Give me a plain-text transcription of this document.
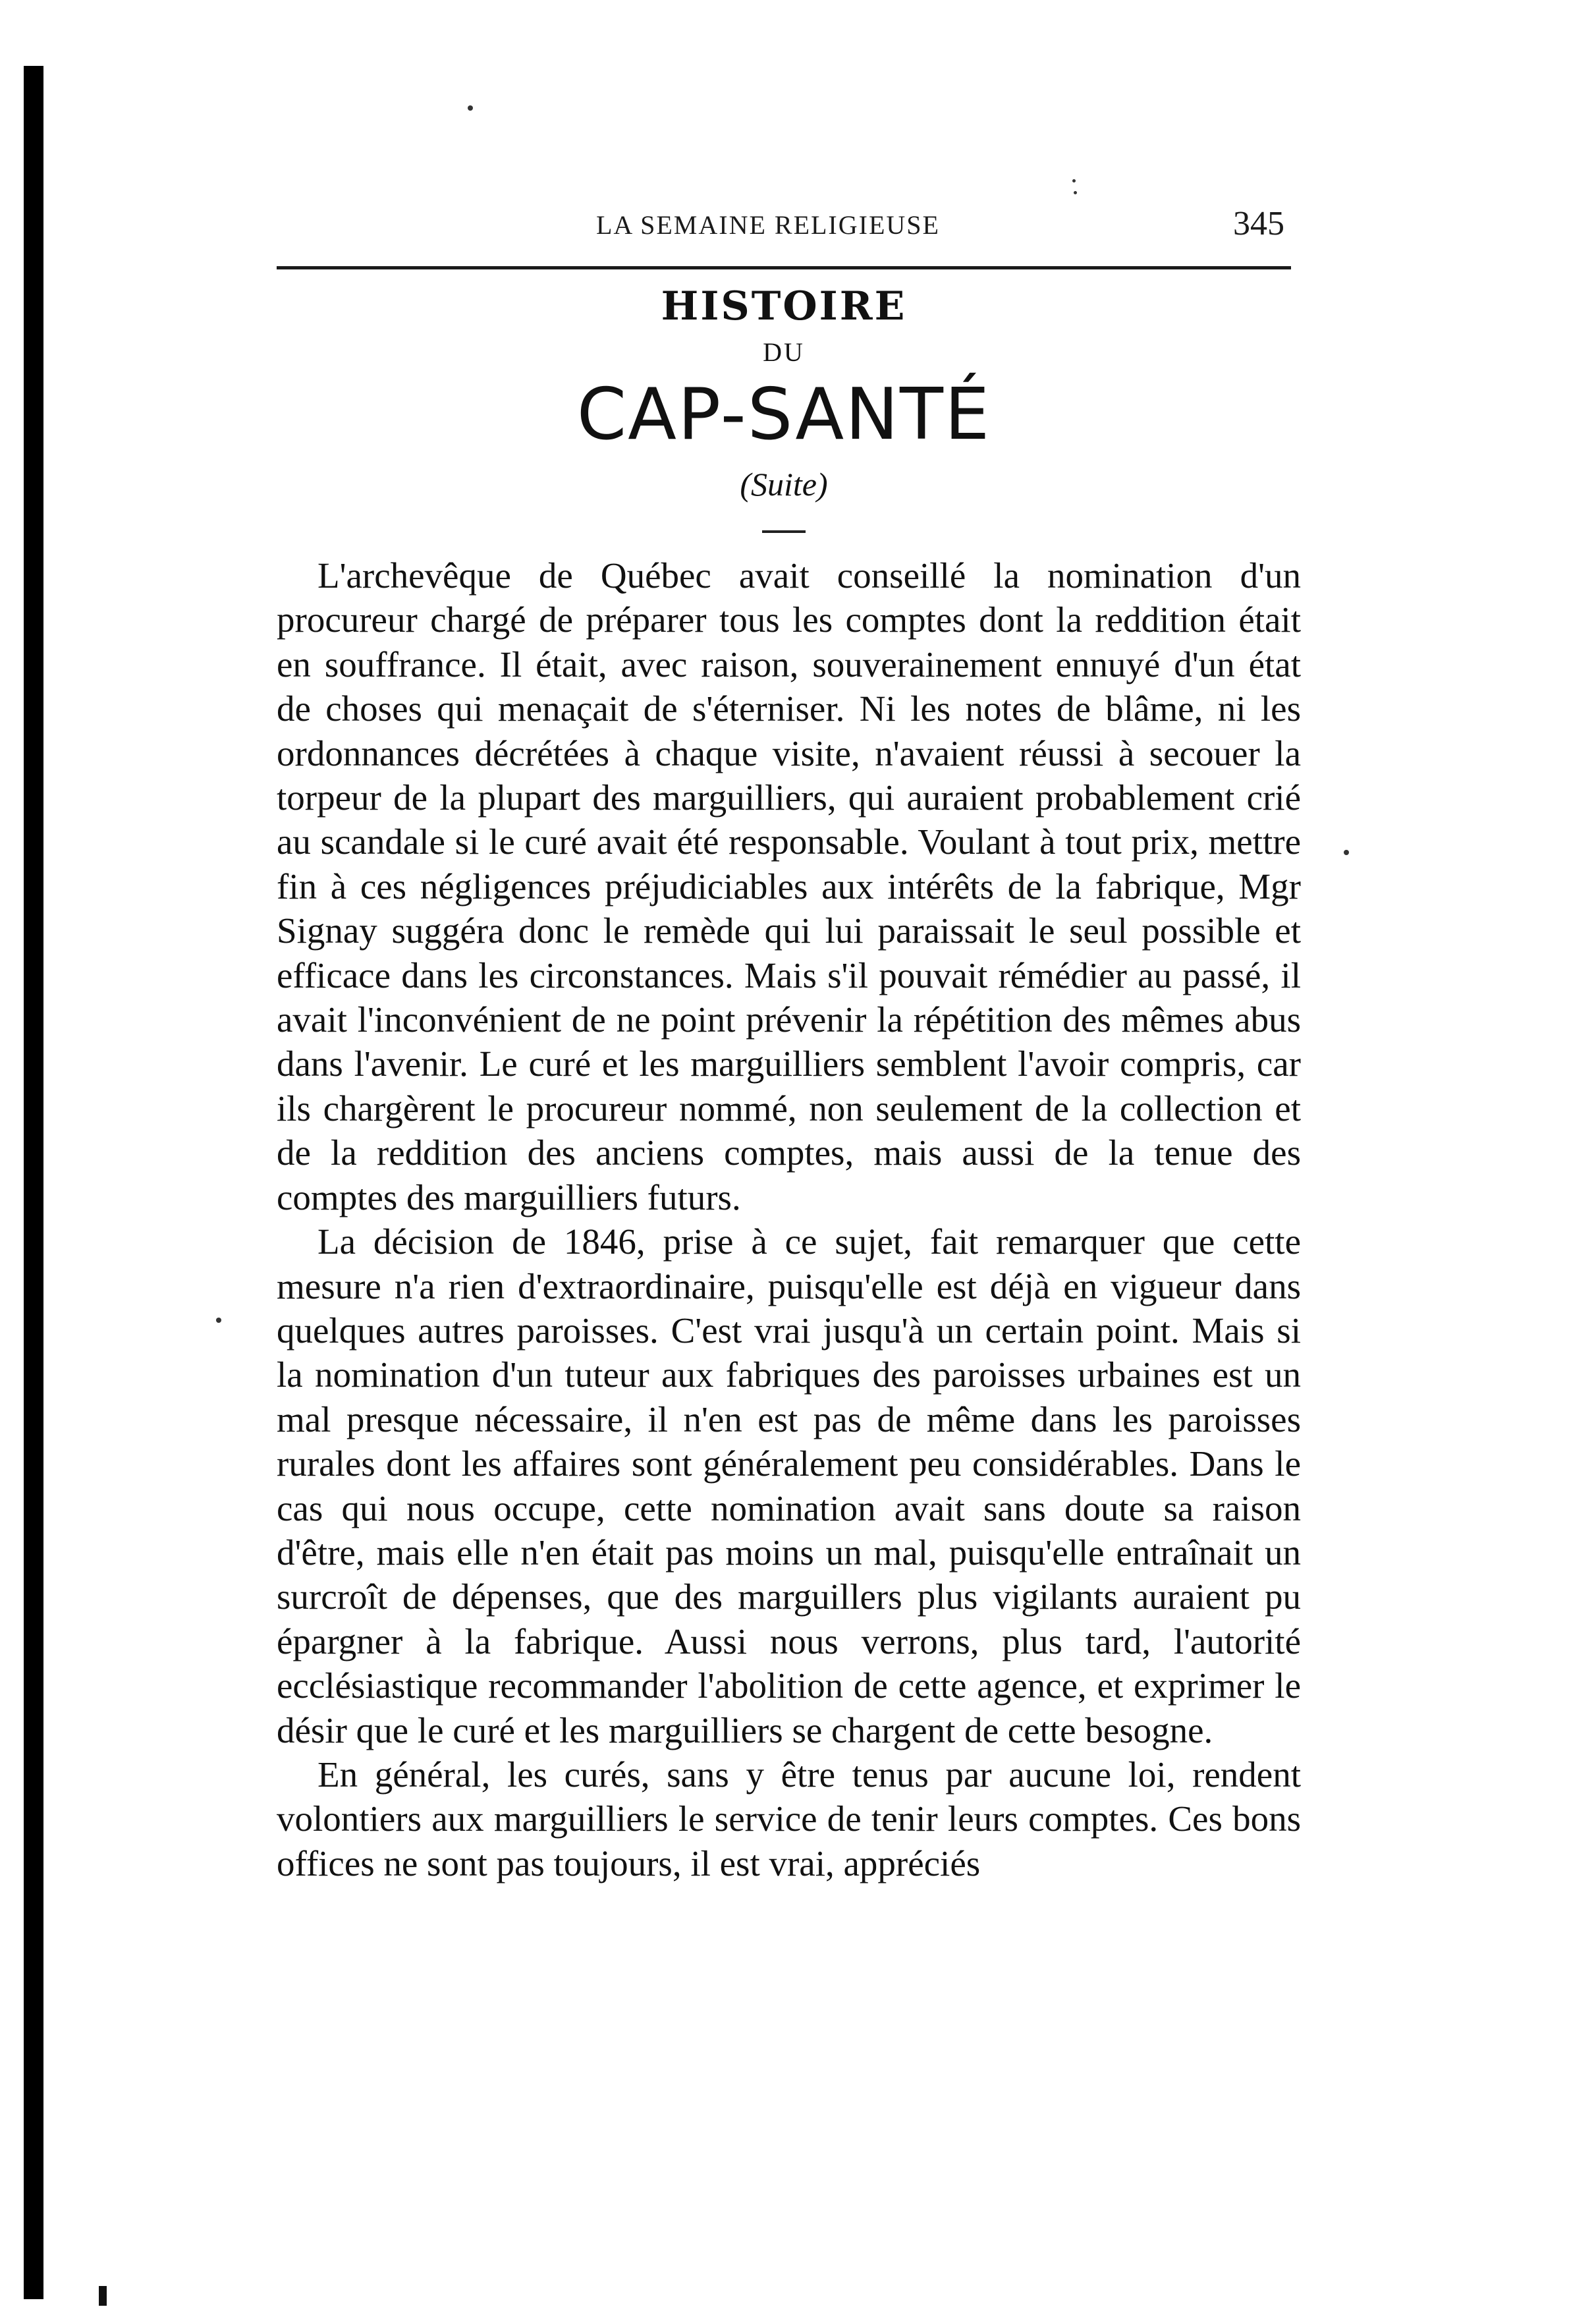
LA SEMAINE RELIGIEUSE	345
HISTOIRE
DU
CAP-SANTÉ
(Suite)

L'archevêque de Québec avait conseillé la nomination d'un procureur chargé de préparer tous les comptes dont la reddition était en souffrance. Il était, avec raison, souverainement ennuyé d'un état de choses qui menaçait de s'éterniser. Ni les notes de blâme, ni les ordonnances décrétées à chaque visite, n'avaient réussi à secouer la torpeur de la plupart des marguilliers, qui auraient probablement crié au scandale si le curé avait été responsable. Voulant à tout prix, mettre fin à ces négligences préjudiciables aux intérêts de la fabrique, Mgr Signay suggéra donc le remède qui lui paraissait le seul possible et efficace dans les circonstances. Mais s'il pouvait rémédier au passé, il avait l'inconvénient de ne point prévenir la répétition des mêmes abus dans l'avenir. Le curé et les marguilliers semblent l'avoir compris, car ils chargèrent le procureur nommé, non seulement de la collection et de la reddition des anciens comptes, mais aussi de la tenue des comptes des marguilliers futurs.

La décision de 1846, prise à ce sujet, fait remarquer que cette mesure n'a rien d'extraordinaire, puisqu'elle est déjà en vigueur dans quelques autres paroisses. C'est vrai jusqu'à un certain point. Mais si la nomination d'un tuteur aux fabriques des paroisses urbaines est un mal presque nécessaire, il n'en est pas de même dans les paroisses rurales dont les affaires sont généralement peu considérables. Dans le cas qui nous occupe, cette nomination avait sans doute sa raison d'être, mais elle n'en était pas moins un mal, puisqu'elle entraînait un surcroît de dépenses, que des marguillers plus vigilants auraient pu épargner à la fabrique. Aussi nous verrons, plus tard, l'autorité ecclésiastique recommander l'abolition de cette agence, et exprimer le désir que le curé et les marguilliers se chargent de cette besogne.

En général, les curés, sans y être tenus par aucune loi, rendent volontiers aux marguilliers le service de tenir leurs comptes. Ces bons offices ne sont pas toujours, il est vrai, appréciés
